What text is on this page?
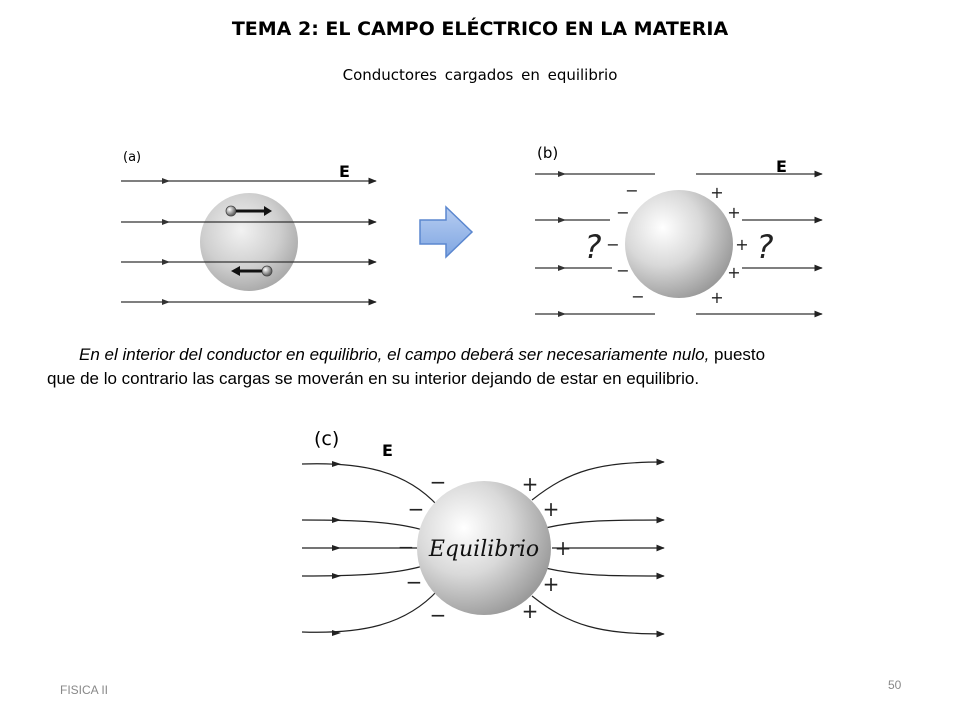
TEMA 2: EL CAMPO ELÉCTRICO EN LA MATERIA
Conductores cargados en equilibrio
−
−
−
−
−
+
+
+
+
+
?	?
Equilibrio
−
−
−
−
−
+
+
+
+
+
(a)
E
(b)
E
(c)
E
En el interior del conductor en equilibrio, el campo deberá ser necesariamente nulo, puesto
que de lo contrario las cargas se moverán en su interior dejando de estar en equilibrio.
FISICA II	50
